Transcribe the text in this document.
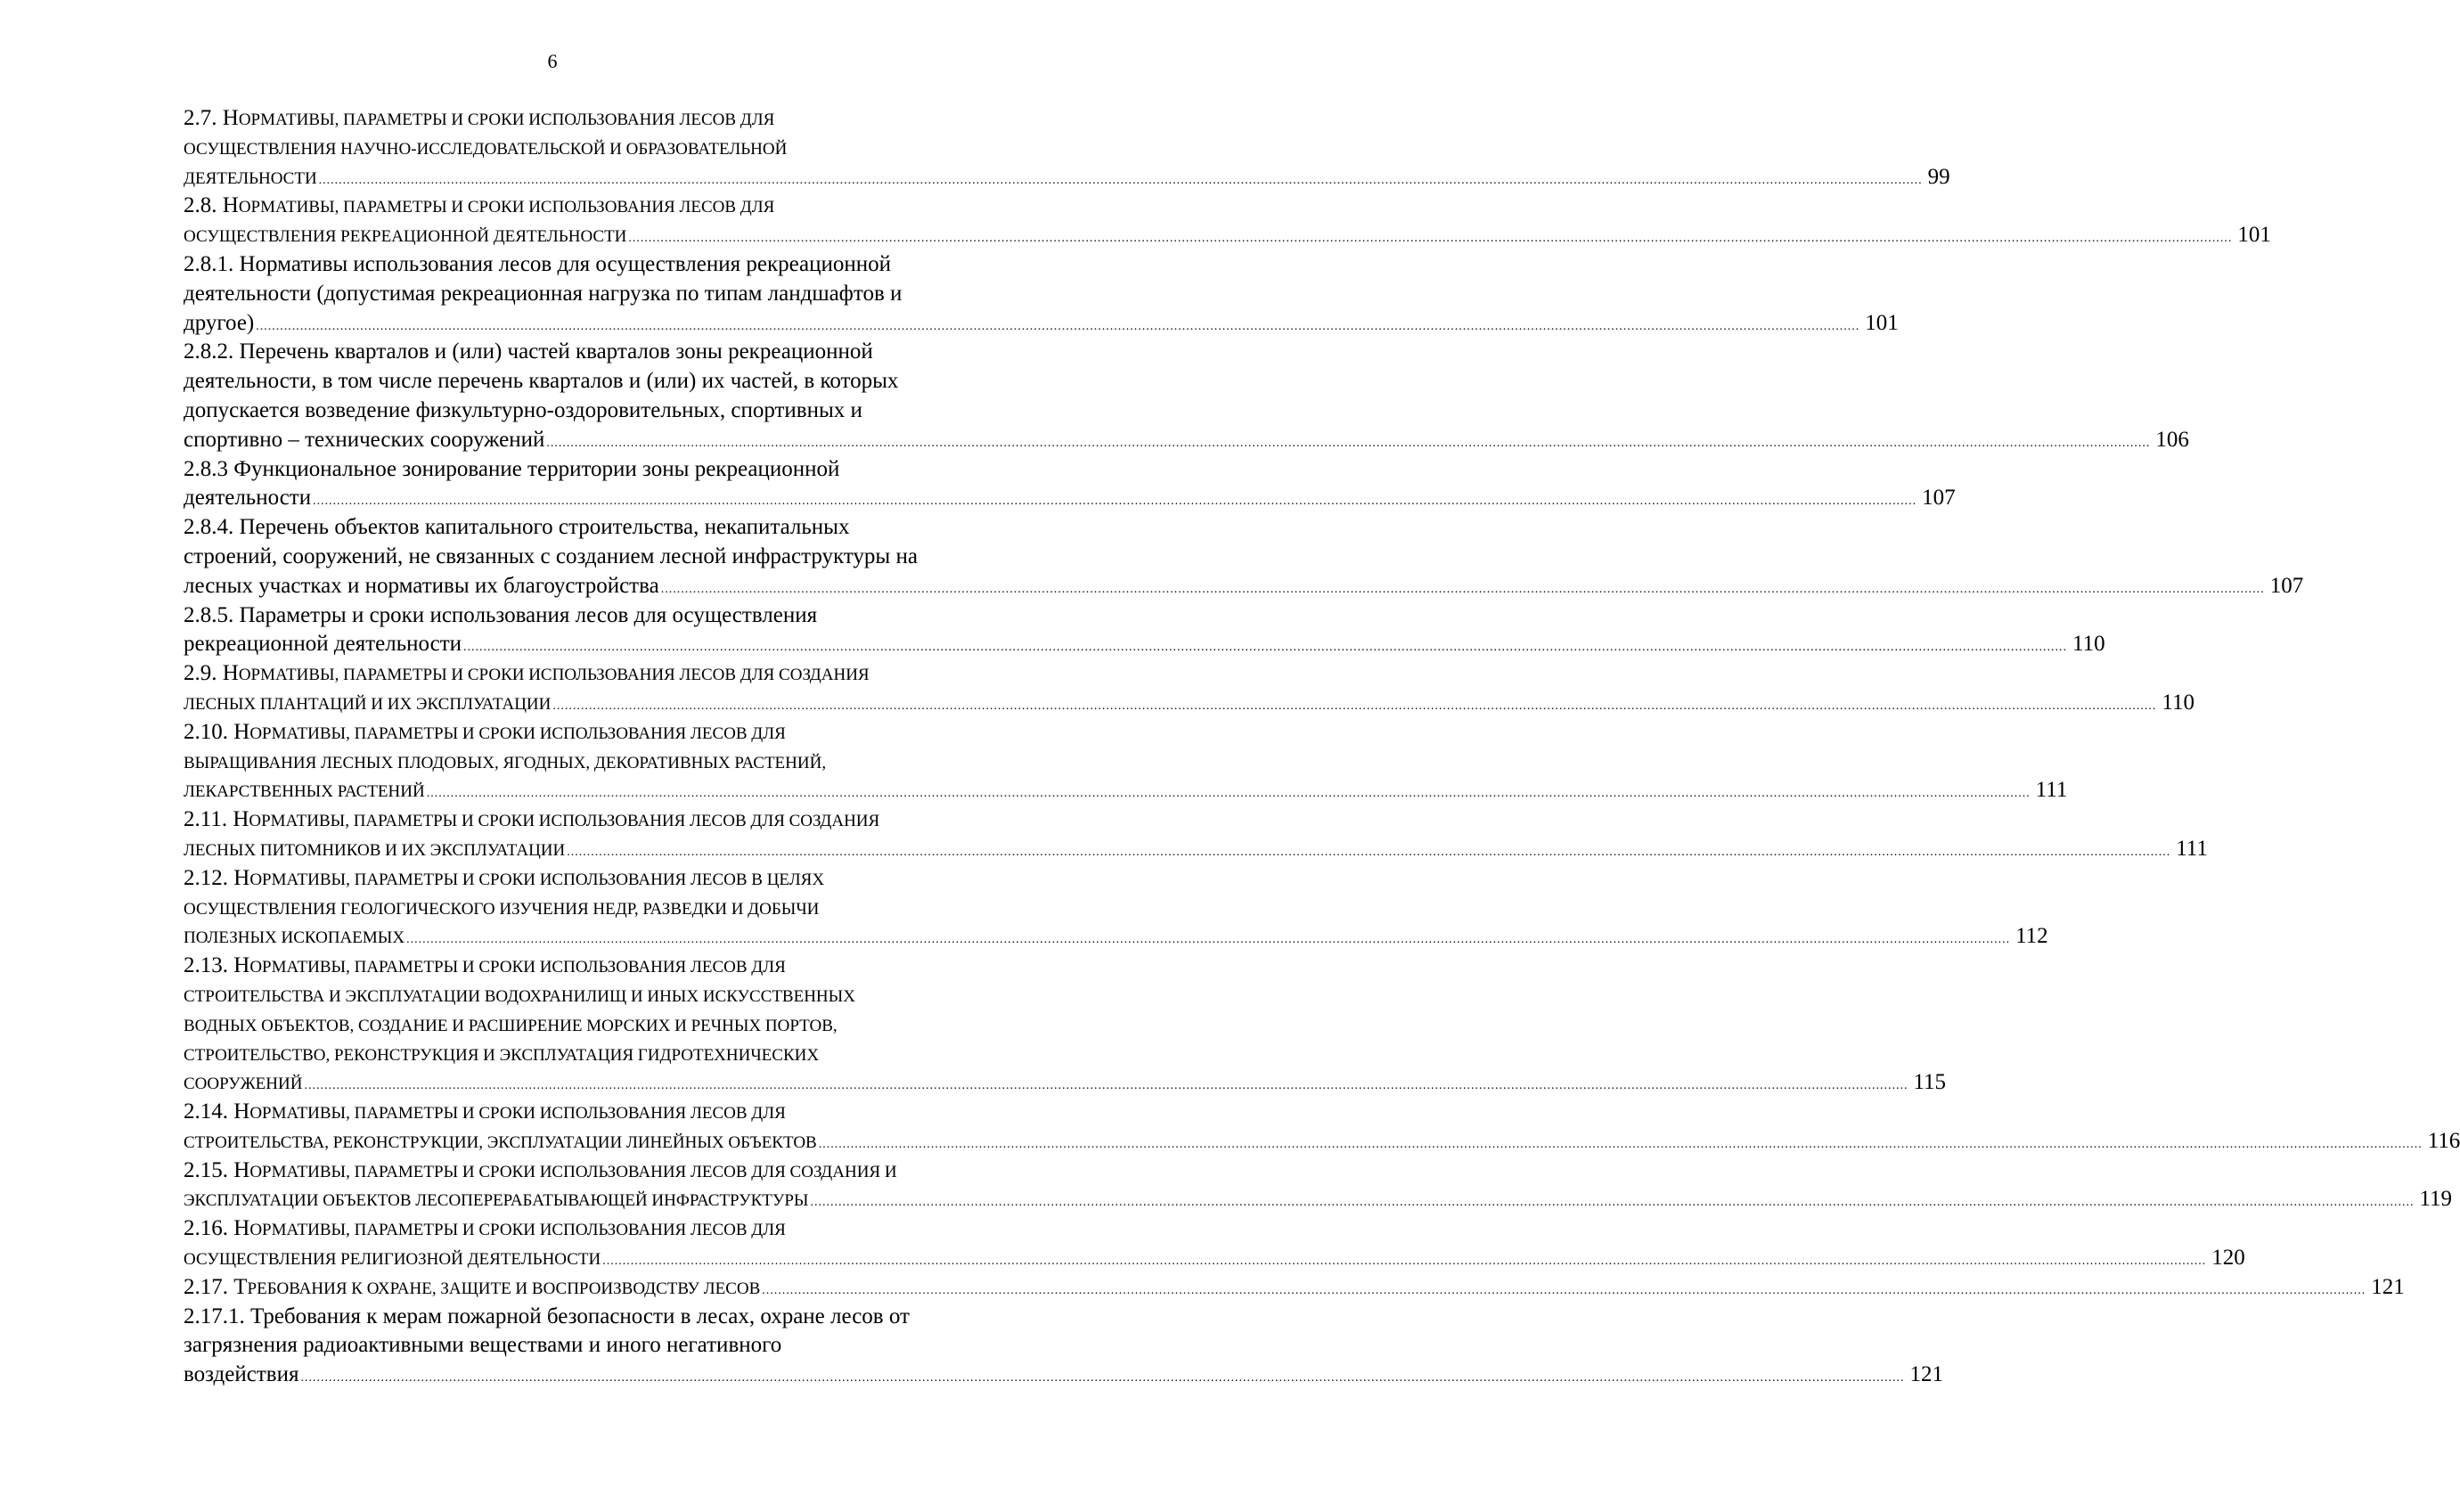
6
2.7. НОРМАТИВЫ, ПАРАМЕТРЫ И СРОКИ ИСПОЛЬЗОВАНИЯ ЛЕСОВ ДЛЯ
ОСУЩЕСТВЛЕНИЯ НАУЧНО-ИССЛЕДОВАТЕЛЬСКОЙ И ОБРАЗОВАТЕЛЬНОЙ
ДЕЯТЕЛЬНОСТИ ................................................................................................................................................................................................................................................................................................................................................................................................................ 99
2.8. НОРМАТИВЫ, ПАРАМЕТРЫ И СРОКИ ИСПОЛЬЗОВАНИЯ ЛЕСОВ ДЛЯ
ОСУЩЕСТВЛЕНИЯ РЕКРЕАЦИОННОЙ ДЕЯТЕЛЬНОСТИ ................................................................................................................................................................................................................................................................................................................................................................................................................ 101
2.8.1. Нормативы использования лесов для осуществления рекреационной
деятельности (допустимая рекреационная нагрузка по типам ландшафтов и
другое) ................................................................................................................................................................................................................................................................................................................................................................................................................ 101
2.8.2. Перечень кварталов и (или) частей кварталов зоны рекреационной
деятельности, в том числе перечень кварталов и (или) их частей, в которых
допускается возведение физкультурно-оздоровительных, спортивных и
спортивно – технических сооружений ................................................................................................................................................................................................................................................................................................................................................................................................................ 106
2.8.3 Функциональное зонирование территории зоны рекреационной
деятельности ................................................................................................................................................................................................................................................................................................................................................................................................................ 107
2.8.4. Перечень объектов капитального строительства, некапитальных
строений, сооружений, не связанных с созданием лесной инфраструктуры на
лесных участках и нормативы их благоустройства ................................................................................................................................................................................................................................................................................................................................................................................................................ 107
2.8.5. Параметры и сроки использования лесов для осуществления
рекреационной деятельности ................................................................................................................................................................................................................................................................................................................................................................................................................ 110
2.9. НОРМАТИВЫ, ПАРАМЕТРЫ И СРОКИ ИСПОЛЬЗОВАНИЯ ЛЕСОВ ДЛЯ СОЗДАНИЯ
ЛЕСНЫХ ПЛАНТАЦИЙ И ИХ ЭКСПЛУАТАЦИИ ................................................................................................................................................................................................................................................................................................................................................................................................................ 110
2.10. НОРМАТИВЫ, ПАРАМЕТРЫ И СРОКИ ИСПОЛЬЗОВАНИЯ ЛЕСОВ ДЛЯ
ВЫРАЩИВАНИЯ ЛЕСНЫХ ПЛОДОВЫХ, ЯГОДНЫХ, ДЕКОРАТИВНЫХ РАСТЕНИЙ,
ЛЕКАРСТВЕННЫХ РАСТЕНИЙ ................................................................................................................................................................................................................................................................................................................................................................................................................ 111
2.11. НОРМАТИВЫ, ПАРАМЕТРЫ И СРОКИ ИСПОЛЬЗОВАНИЯ ЛЕСОВ ДЛЯ СОЗДАНИЯ
ЛЕСНЫХ ПИТОМНИКОВ И ИХ ЭКСПЛУАТАЦИИ ................................................................................................................................................................................................................................................................................................................................................................................................................ 111
2.12. НОРМАТИВЫ, ПАРАМЕТРЫ И СРОКИ ИСПОЛЬЗОВАНИЯ ЛЕСОВ В ЦЕЛЯХ
ОСУЩЕСТВЛЕНИЯ ГЕОЛОГИЧЕСКОГО ИЗУЧЕНИЯ НЕДР, РАЗВЕДКИ И ДОБЫЧИ
ПОЛЕЗНЫХ ИСКОПАЕМЫХ ................................................................................................................................................................................................................................................................................................................................................................................................................ 112
2.13. НОРМАТИВЫ, ПАРАМЕТРЫ И СРОКИ ИСПОЛЬЗОВАНИЯ ЛЕСОВ ДЛЯ
СТРОИТЕЛЬСТВА И ЭКСПЛУАТАЦИИ ВОДОХРАНИЛИЩ И ИНЫХ ИСКУССТВЕННЫХ
ВОДНЫХ ОБЪЕКТОВ, СОЗДАНИЕ И РАСШИРЕНИЕ МОРСКИХ И РЕЧНЫХ ПОРТОВ,
СТРОИТЕЛЬСТВО, РЕКОНСТРУКЦИЯ И ЭКСПЛУАТАЦИЯ ГИДРОТЕХНИЧЕСКИХ
СООРУЖЕНИЙ ................................................................................................................................................................................................................................................................................................................................................................................................................ 115
2.14. НОРМАТИВЫ, ПАРАМЕТРЫ И СРОКИ ИСПОЛЬЗОВАНИЯ ЛЕСОВ ДЛЯ
СТРОИТЕЛЬСТВА, РЕКОНСТРУКЦИИ, ЭКСПЛУАТАЦИИ ЛИНЕЙНЫХ ОБЪЕКТОВ ................................................................................................................................................................................................................................................................................................................................................................................................................ 116
2.15. НОРМАТИВЫ, ПАРАМЕТРЫ И СРОКИ ИСПОЛЬЗОВАНИЯ ЛЕСОВ ДЛЯ СОЗДАНИЯ И
ЭКСПЛУАТАЦИИ ОБЪЕКТОВ ЛЕСОПЕРЕРАБАТЫВАЮЩЕЙ ИНФРАСТРУКТУРЫ ................................................................................................................................................................................................................................................................................................................................................................................................................ 119
2.16. НОРМАТИВЫ, ПАРАМЕТРЫ И СРОКИ ИСПОЛЬЗОВАНИЯ ЛЕСОВ ДЛЯ
ОСУЩЕСТВЛЕНИЯ РЕЛИГИОЗНОЙ ДЕЯТЕЛЬНОСТИ ................................................................................................................................................................................................................................................................................................................................................................................................................ 120
2.17. ТРЕБОВАНИЯ К ОХРАНЕ, ЗАЩИТЕ И ВОСПРОИЗВОДСТВУ ЛЕСОВ ................................................................................................................................................................................................................................................................................................................................................................................................................ 121
2.17.1. Требования к мерам пожарной безопасности в лесах, охране лесов от
загрязнения радиоактивными веществами и иного негативного
воздействия ................................................................................................................................................................................................................................................................................................................................................................................................................ 121
